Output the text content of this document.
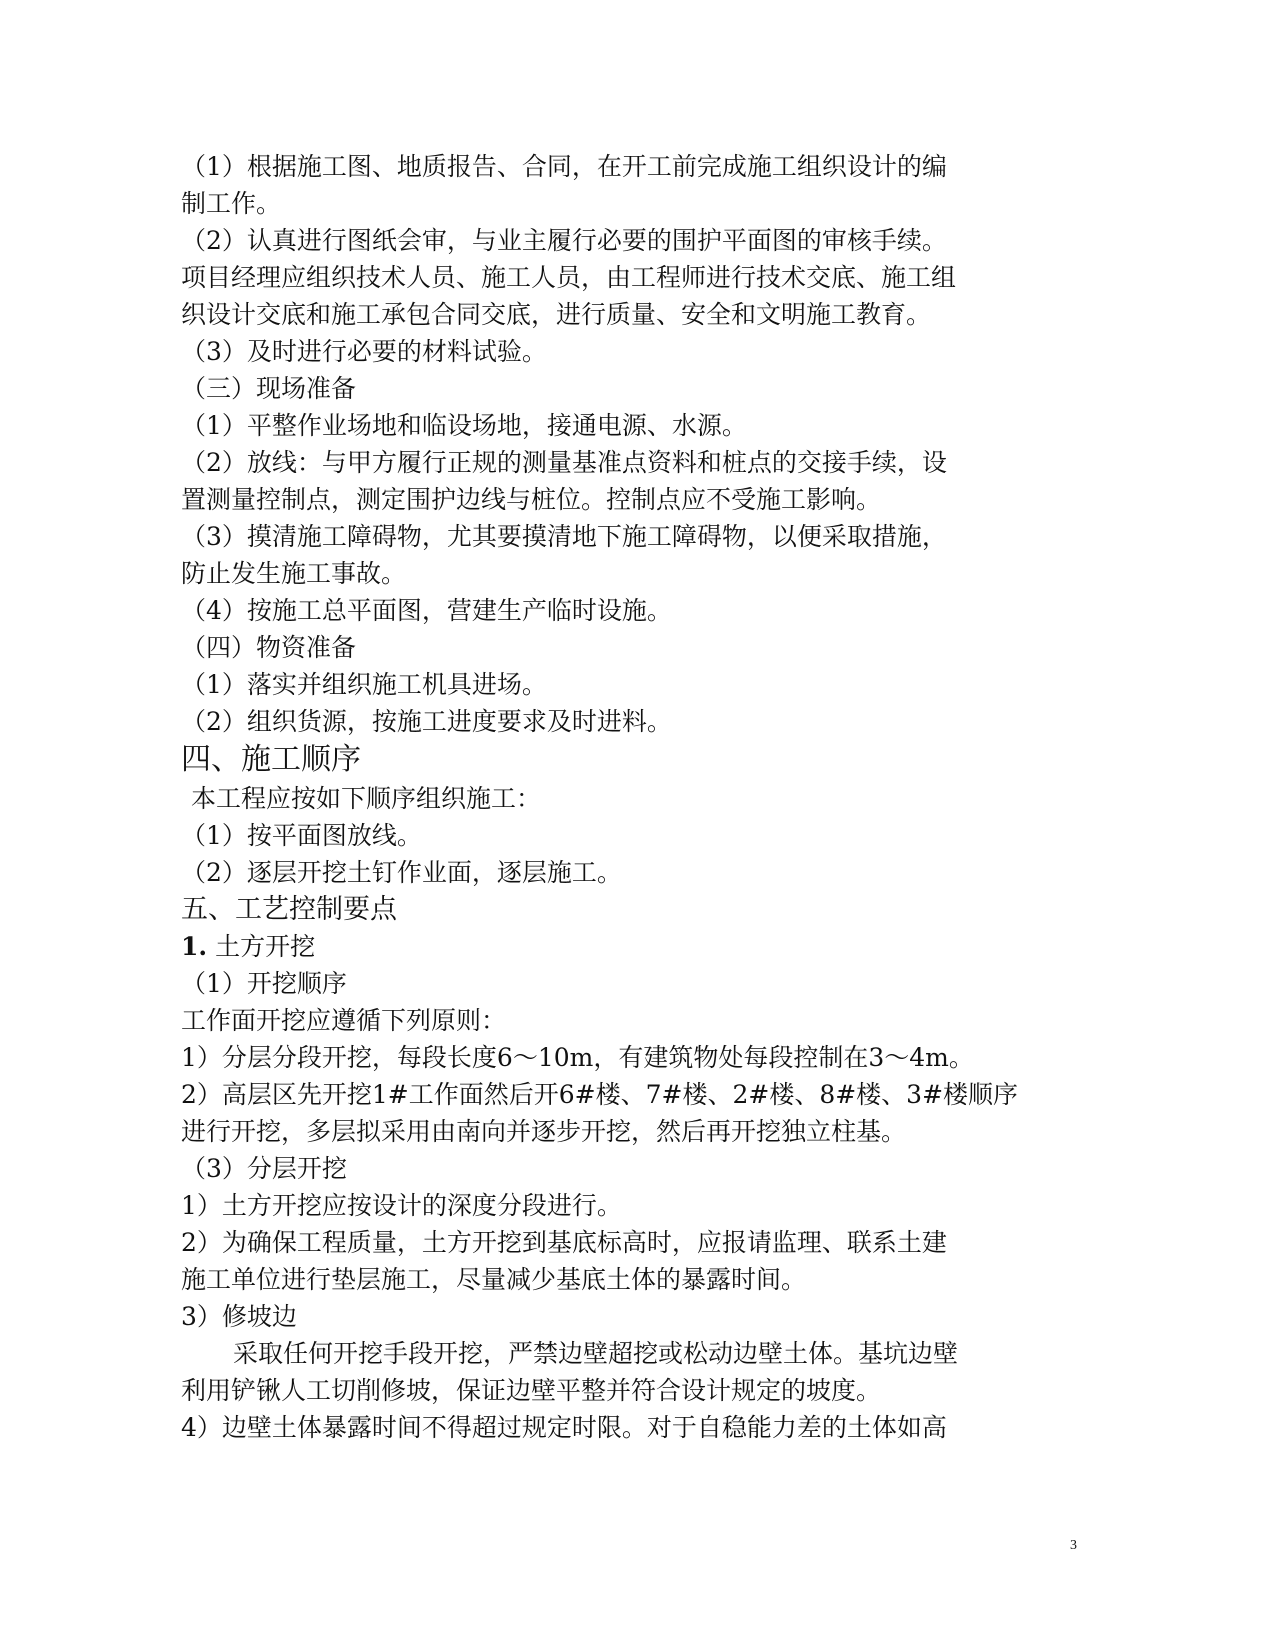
（1）根据施工图、地质报告、合同，在开工前完成施工组织设计的编
制工作。
（2）认真进行图纸会审，与业主履行必要的围护平面图的审核手续。
项目经理应组织技术人员、施工人员，由工程师进行技术交底、施工组
织设计交底和施工承包合同交底，进行质量、安全和文明施工教育。
（3）及时进行必要的材料试验。
（三）现场准备
（1）平整作业场地和临设场地，接通电源、水源。
（2）放线：与甲方履行正规的测量基准点资料和桩点的交接手续，设
置测量控制点，测定围护边线与桩位。控制点应不受施工影响。
（3）摸清施工障碍物，尤其要摸清地下施工障碍物，以便采取措施，
防止发生施工事故。
（4）按施工总平面图，营建生产临时设施。
（四）物资准备
（1）落实并组织施工机具进场。
（2）组织货源，按施工进度要求及时进料。
四、施工顺序
本工程应按如下顺序组织施工：
（1）按平面图放线。
（2）逐层开挖土钉作业面，逐层施工。
五、工艺控制要点
1. 土方开挖
（1）开挖顺序
工作面开挖应遵循下列原则：
1）分层分段开挖，每段长度6～10m，有建筑物处每段控制在3～4m。
2）高层区先开挖1#工作面然后开6#楼、7#楼、2#楼、8#楼、3#楼顺序
进行开挖，多层拟采用由南向并逐步开挖，然后再开挖独立柱基。
（3）分层开挖
1）土方开挖应按设计的深度分段进行。
2）为确保工程质量，土方开挖到基底标高时，应报请监理、联系土建
施工单位进行垫层施工，尽量减少基底土体的暴露时间。
3）修坡边
采取任何开挖手段开挖，严禁边壁超挖或松动边壁土体。基坑边壁
利用铲锹人工切削修坡，保证边壁平整并符合设计规定的坡度。
4）边壁土体暴露时间不得超过规定时限。对于自稳能力差的土体如高
3
